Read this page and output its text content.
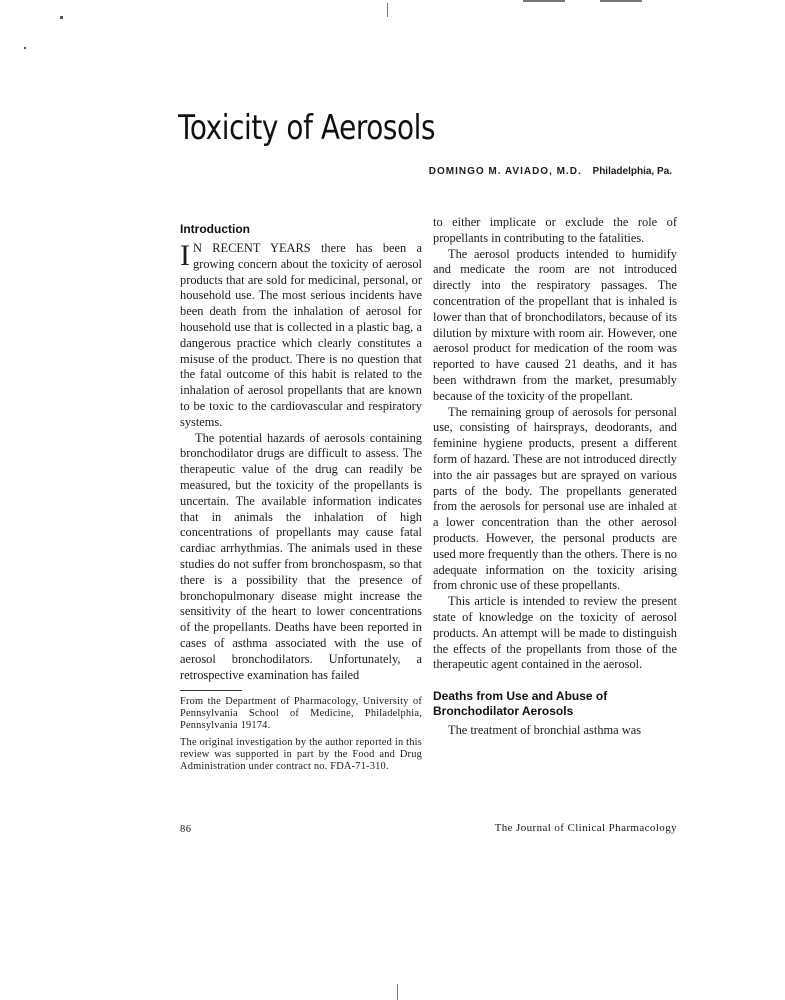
Toxicity of Aerosols
DOMINGO M. AVIADO, M.D. Philadelphia, Pa.
Introduction

I N RECENT YEARS there has been a growing concern about the toxicity of aerosol products that are sold for medicinal, personal, or household use. The most serious incidents have been death from the inhalation of aerosol for household use that is collected in a plastic bag, a dangerous practice which clearly constitutes a misuse of the product. There is no question that the fatal outcome of this habit is related to the inhalation of aerosol propellants that are known to be toxic to the cardiovascular and respiratory systems.

The potential hazards of aerosols containing bronchodilator drugs are difficult to assess. The therapeutic value of the drug can readily be measured, but the toxicity of the propellants is uncertain. The available information indicates that in animals the inhalation of high concentrations of propellants may cause fatal cardiac arrhythmias. The animals used in these studies do not suffer from bronchospasm, so that there is a possibility that the presence of bronchopulmonary disease might increase the sensitivity of the heart to lower concentrations of the propellants. Deaths have been reported in cases of asthma associated with the use of aerosol bronchodilators. Unfortunately, a retrospective examination has failed

From the Department of Pharmacology, University of Pennsylvania School of Medicine, Philadelphia, Pennsylvania 19174.

The original investigation by the author reported in this review was supported in part by the Food and Drug Administration under contract no. FDA-71-310.

to either implicate or exclude the role of propellants in contributing to the fatalities.

The aerosol products intended to humidify and medicate the room are not introduced directly into the respiratory passages. The concentration of the propellant that is inhaled is lower than that of bronchodilators, because of its dilution by mixture with room air. However, one aerosol product for medication of the room was reported to have caused 21 deaths, and it has been withdrawn from the market, presumably because of the toxicity of the propellant.

The remaining group of aerosols for personal use, consisting of hairsprays, deodorants, and feminine hygiene products, present a different form of hazard. These are not introduced directly into the air passages but are sprayed on various parts of the body. The propellants generated from the aerosols for personal use are inhaled at a lower concentration than the other aerosol products. However, the personal products are used more frequently than the others. There is no adequate information on the toxicity arising from chronic use of these propellants.

This article is intended to review the present state of knowledge on the toxicity of aerosol products. An attempt will be made to distinguish the effects of the propellants from those of the therapeutic agent contained in the aerosol.

Deaths from Use and Abuse of Bronchodilator Aerosols

The treatment of bronchial asthma was

86	The Journal of Clinical Pharmacology
